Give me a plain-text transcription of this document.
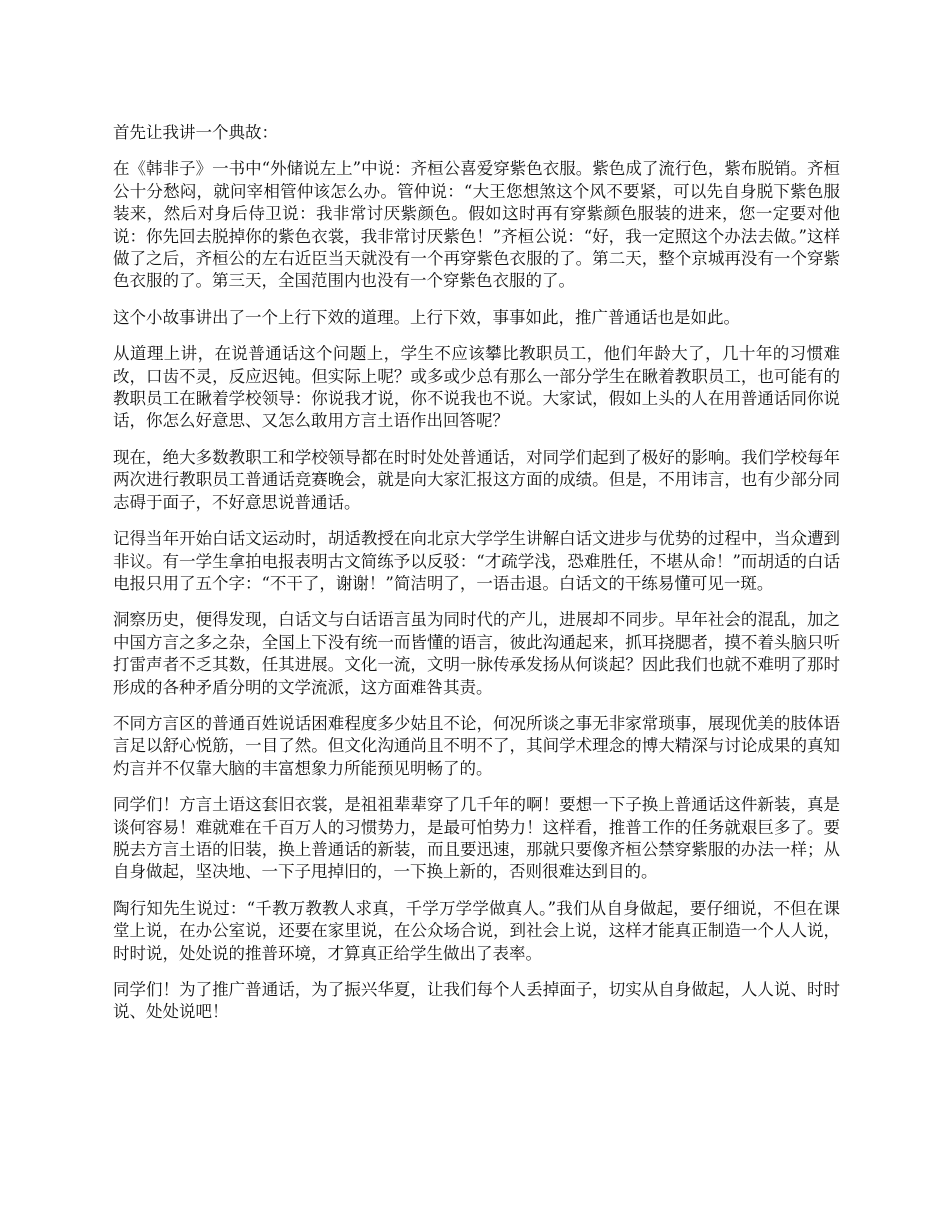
首先让我讲一个典故：

在《韩非子》一书中“外储说左上”中说：齐桓公喜爱穿紫色衣服。紫色成了流行色，紫布脱销。齐桓公十分愁闷，就问宰相管仲该怎么办。管仲说：“大王您想煞这个风不要紧，可以先自身脱下紫色服装来，然后对身后侍卫说：我非常讨厌紫颜色。假如这时再有穿紫颜色服装的进来，您一定要对他说：你先回去脱掉你的紫色衣裳，我非常讨厌紫色！”齐桓公说：“好，我一定照这个办法去做。”这样做了之后，齐桓公的左右近臣当天就没有一个再穿紫色衣服的了。第二天，整个京城再没有一个穿紫色衣服的了。第三天，全国范围内也没有一个穿紫色衣服的了。

这个小故事讲出了一个上行下效的道理。上行下效，事事如此，推广普通话也是如此。

从道理上讲，在说普通话这个问题上，学生不应该攀比教职员工，他们年龄大了，几十年的习惯难改，口齿不灵，反应迟钝。但实际上呢？或多或少总有那么一部分学生在瞅着教职员工，也可能有的教职员工在瞅着学校领导：你说我才说，你不说我也不说。大家试，假如上头的人在用普通话同你说话，你怎么好意思、又怎么敢用方言土语作出回答呢？

现在，绝大多数教职工和学校领导都在时时处处普通话，对同学们起到了极好的影响。我们学校每年两次进行教职员工普通话竞赛晚会，就是向大家汇报这方面的成绩。但是，不用讳言，也有少部分同志碍于面子，不好意思说普通话。

记得当年开始白话文运动时，胡适教授在向北京大学学生讲解白话文进步与优势的过程中，当众遭到非议。有一学生拿拍电报表明古文简练予以反驳：“才疏学浅，恐难胜任，不堪从命！”而胡适的白话电报只用了五个字：“不干了，谢谢！”简洁明了，一语击退。白话文的干练易懂可见一斑。

洞察历史，便得发现，白话文与白话语言虽为同时代的产儿，进展却不同步。早年社会的混乱，加之中国方言之多之杂，全国上下没有统一而皆懂的语言，彼此沟通起来，抓耳挠腮者，摸不着头脑只听打雷声者不乏其数，任其进展。文化一流，文明一脉传承发扬从何谈起？因此我们也就不难明了那时形成的各种矛盾分明的文学流派，这方面难咎其责。

不同方言区的普通百姓说话困难程度多少姑且不论，何况所谈之事无非家常琐事，展现优美的肢体语言足以舒心悦筋，一目了然。但文化沟通尚且不明不了，其间学术理念的博大精深与讨论成果的真知灼言并不仅靠大脑的丰富想象力所能预见明畅了的。

同学们！方言土语这套旧衣裳，是祖祖辈辈穿了几千年的啊！要想一下子换上普通话这件新装，真是谈何容易！难就难在千百万人的习惯势力，是最可怕势力！这样看，推普工作的任务就艰巨多了。要脱去方言土语的旧装，换上普通话的新装，而且要迅速，那就只要像齐桓公禁穿紫服的办法一样；从自身做起，坚决地、一下子甩掉旧的，一下换上新的，否则很难达到目的。

陶行知先生说过：“千教万教教人求真，千学万学学做真人。”我们从自身做起，要仔细说，不但在课堂上说，在办公室说，还要在家里说，在公众场合说，到社会上说，这样才能真正制造一个人人说，时时说，处处说的推普环境，才算真正给学生做出了表率。

同学们！为了推广普通话，为了振兴华夏，让我们每个人丢掉面子，切实从自身做起，人人说、时时说、处处说吧！
